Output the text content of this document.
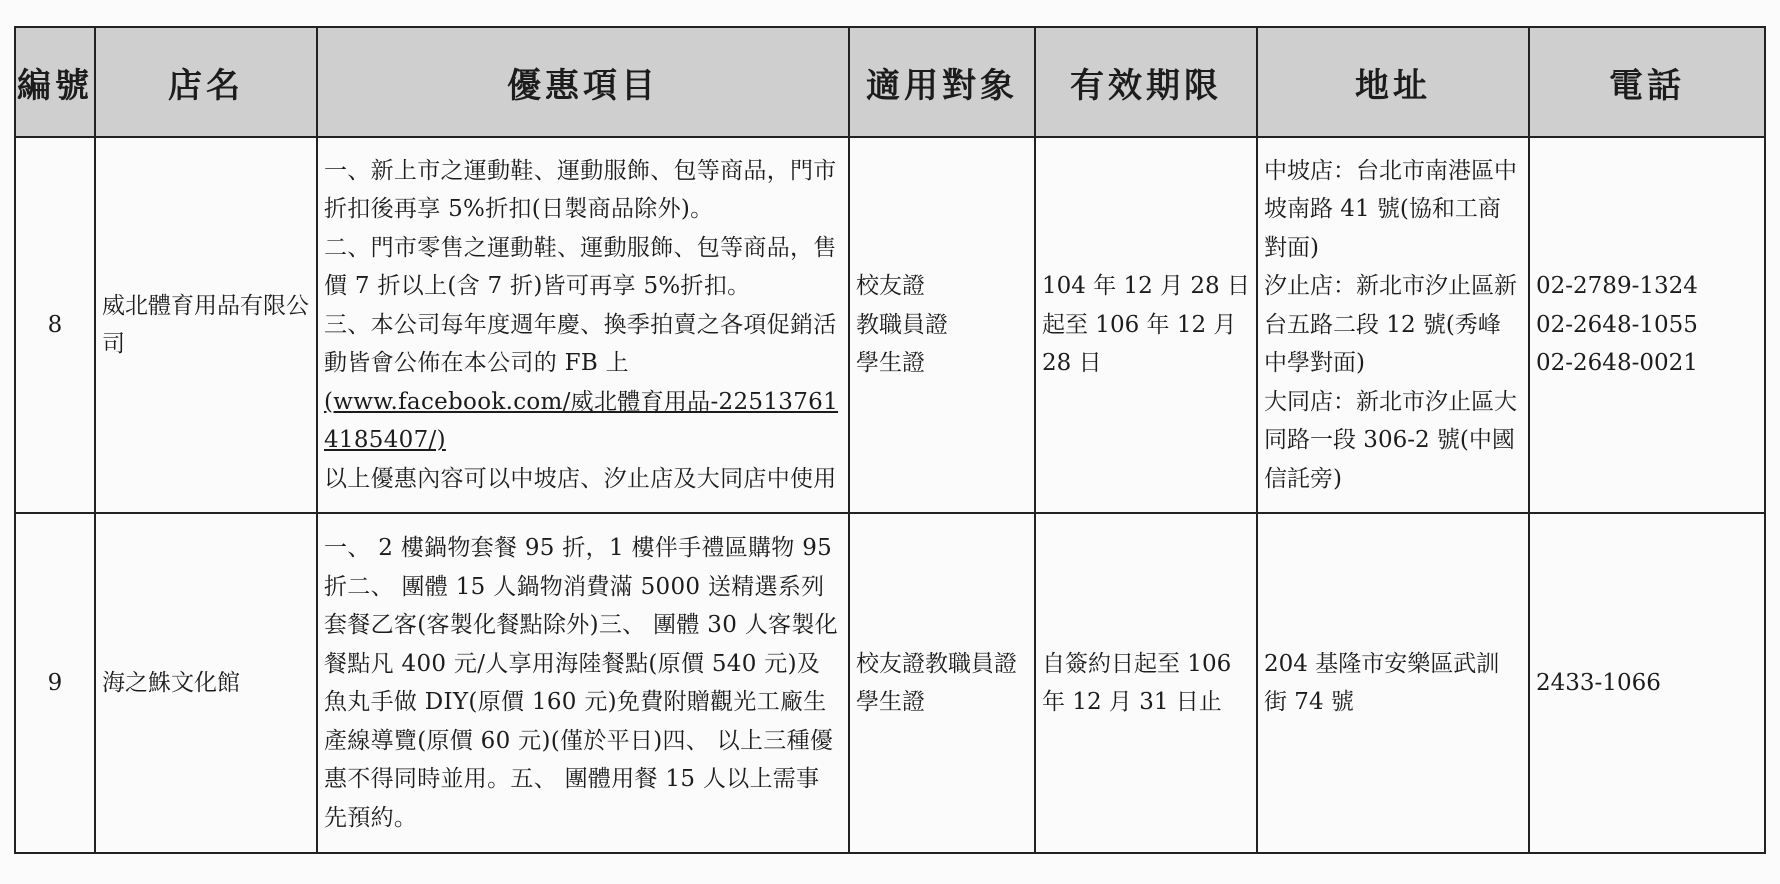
編號	店名	優惠項目	適用對象	有效期限	地址	電話
8	威北體育用品有限公司	一、新上市之運動鞋、運動服飾、包等商品，門市折扣後再享 5%折扣(日製商品除外)。
二、門市零售之運動鞋、運動服飾、包等商品，售價 7 折以上(含 7 折)皆可再享 5%折扣。
三、本公司每年度週年慶、換季拍賣之各項促銷活動皆會公佈在本公司的 FB 上
(www.facebook.com/威北體育用品-225137614185407/)
以上優惠內容可以中坡店、汐止店及大同店中使用	校友證
教職員證
學生證	104 年 12 月 28 日起至 106 年 12 月 28 日	中坡店：台北市南港區中坡南路 41 號(協和工商對面)
汐止店：新北市汐止區新台五路二段 12 號(秀峰中學對面)
大同店：新北市汐止區大同路一段 306-2 號(中國信託旁)	02-2789-1324
02-2648-1055
02-2648-0021

9	海之鮢文化館	一、 2 樓鍋物套餐 95 折，1 樓伴手禮區購物 95 折二、 團體 15 人鍋物消費滿 5000 送精選系列套餐乙客(客製化餐點除外)三、 團體 30 人客製化餐點凡 400 元/人享用海陸餐點(原價 540 元)及魚丸手做 DIY(原價 160 元)免費附贈觀光工廠生產線導覽(原價 60 元)(僅於平日)四、 以上三種優惠不得同時並用。五、 團體用餐 15 人以上需事先預約。	校友證教職員證學生證	自簽約日起至 106 年 12 月 31 日止	204 基隆市安樂區武訓街 74 號	2433-1066
